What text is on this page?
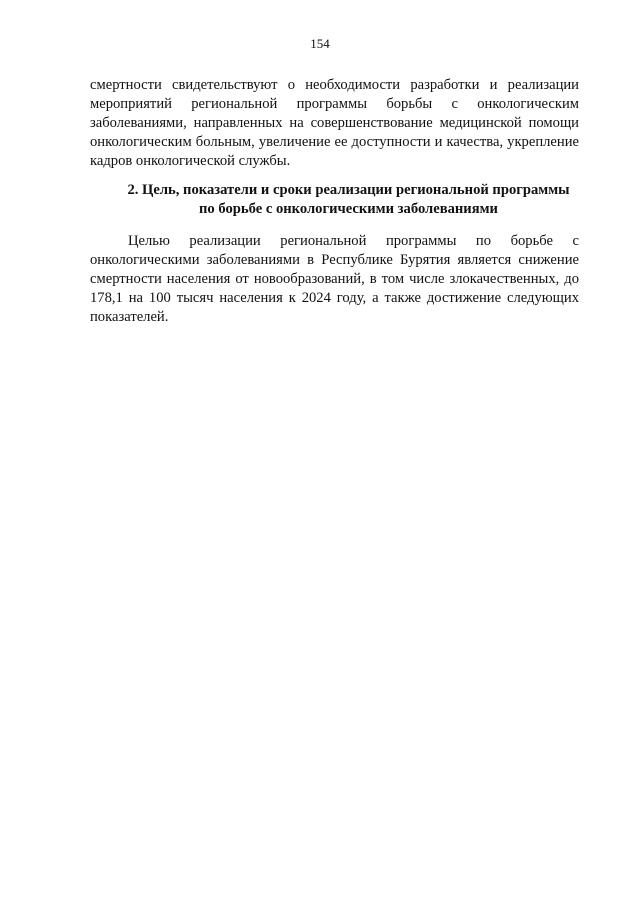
154

смертности свидетельствуют о необходимости разработки и реализации мероприятий региональной программы борьбы с онкологическим заболеваниями, направленных на совершенствование медицинской помощи онкологическим больным, увеличение ее доступности и качества, укрепление кадров онкологической службы.

2. Цель, показатели и сроки реализации региональной программы
по борьбе с онкологическими заболеваниями

Целью реализации региональной программы по борьбе с онкологическими заболеваниями в Республике Бурятия является снижение смертности населения от новообразований, в том числе злокачественных, до 178,1 на 100 тысяч населения к 2024 году, а также достижение следующих показателей.
